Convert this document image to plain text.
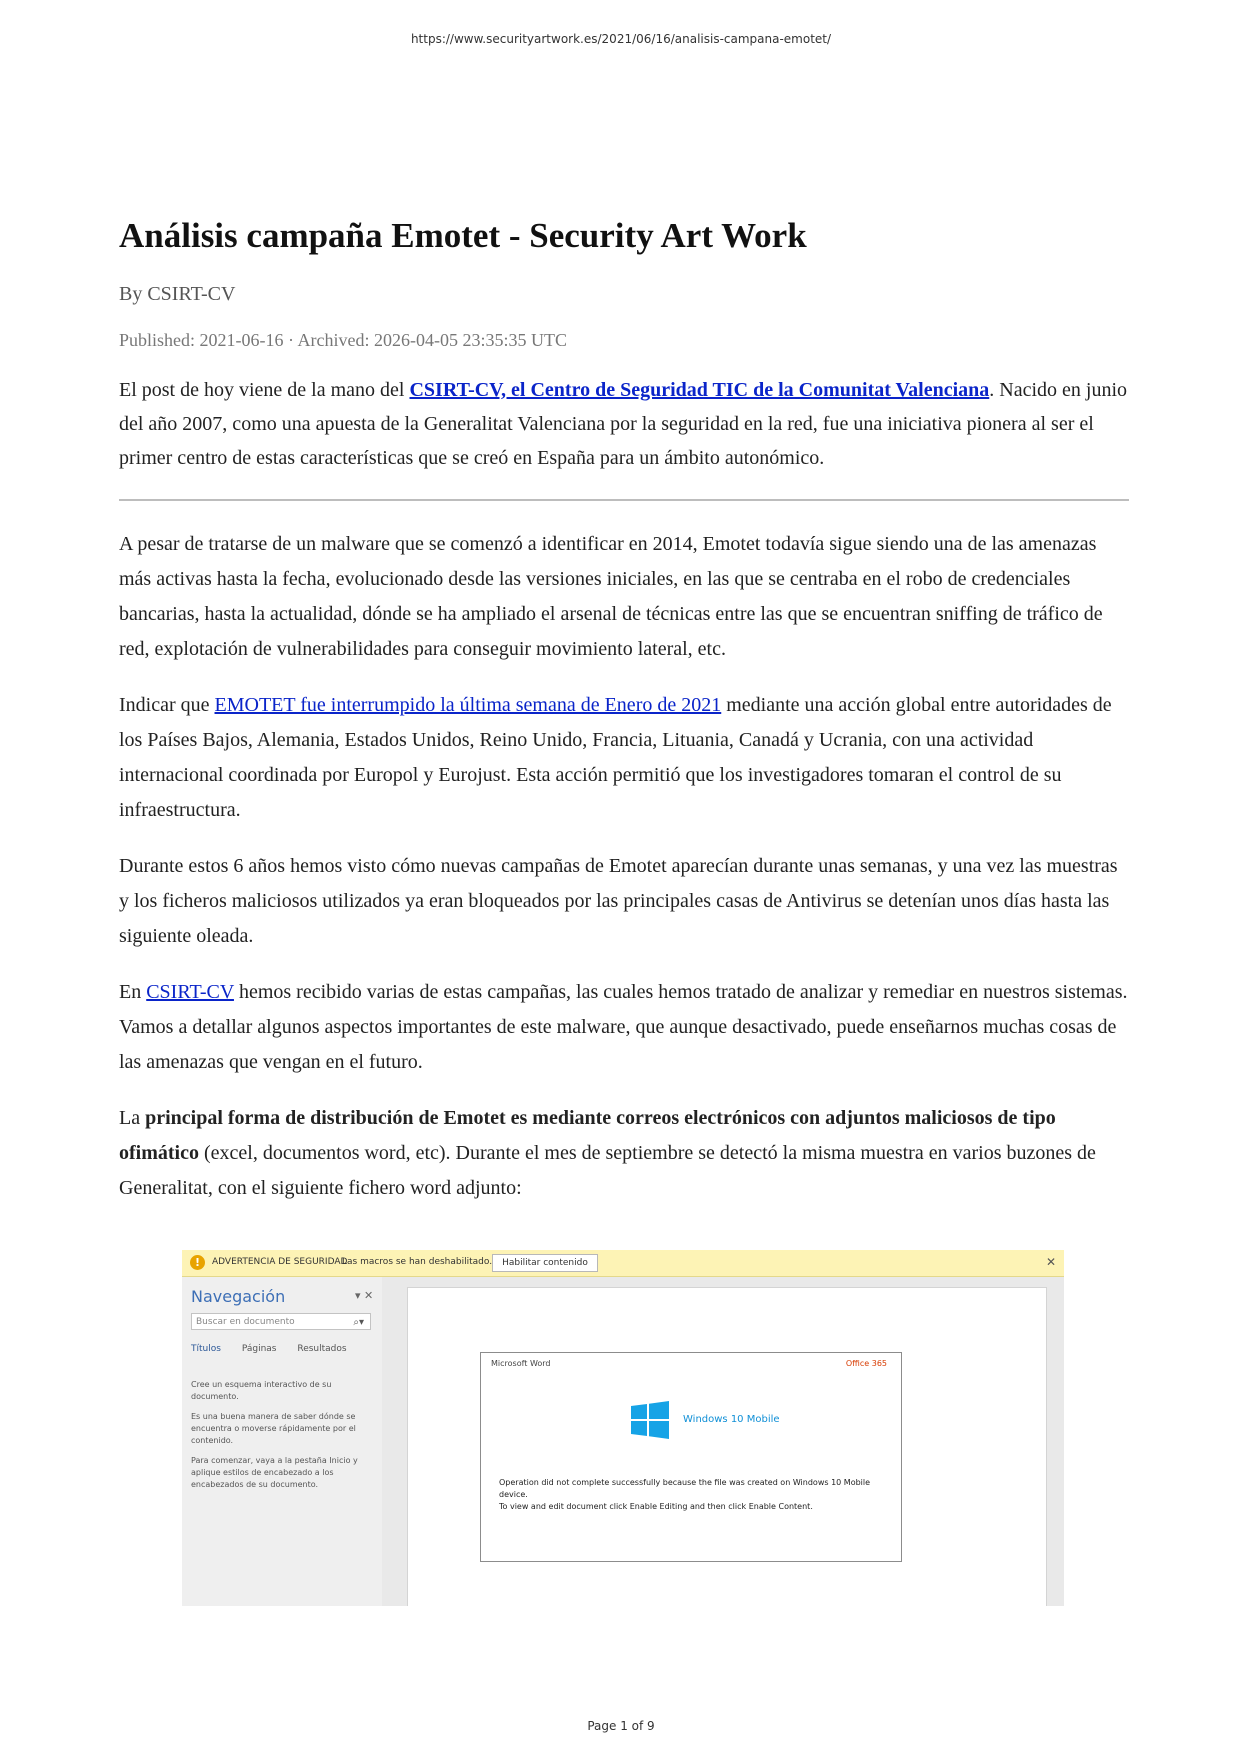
https://www.securityartwork.es/2021/06/16/analisis-campana-emotet/
Análisis campaña Emotet - Security Art Work
By CSIRT-CV
Published: 2021-06-16 · Archived: 2026-04-05 23:35:35 UTC

El post de hoy viene de la mano del CSIRT-CV, el Centro de Seguridad TIC de la Comunitat Valenciana. Nacido en junio del año 2007, como una apuesta de la Generalitat Valenciana por la seguridad en la red, fue una iniciativa pionera al ser el primer centro de estas características que se creó en España para un ámbito autonómico.

A pesar de tratarse de un malware que se comenzó a identificar en 2014, Emotet todavía sigue siendo una de las amenazas más activas hasta la fecha, evolucionado desde las versiones iniciales, en las que se centraba en el robo de credenciales bancarias, hasta la actualidad, dónde se ha ampliado el arsenal de técnicas entre las que se encuentran sniffing de tráfico de red, explotación de vulnerabilidades para conseguir movimiento lateral, etc.

Indicar que EMOTET fue interrumpido la última semana de Enero de 2021 mediante una acción global entre autoridades de los Países Bajos, Alemania, Estados Unidos, Reino Unido, Francia, Lituania, Canadá y Ucrania, con una actividad internacional coordinada por Europol y Eurojust. Esta acción permitió que los investigadores tomaran el control de su infraestructura.

Durante estos 6 años hemos visto cómo nuevas campañas de Emotet aparecían durante unas semanas, y una vez las muestras y los ficheros maliciosos utilizados ya eran bloqueados por las principales casas de Antivirus se detenían unos días hasta las siguiente oleada.

En CSIRT-CV hemos recibido varias de estas campañas, las cuales hemos tratado de analizar y remediar en nuestros sistemas. Vamos a detallar algunos aspectos importantes de este malware, que aunque desactivado, puede enseñarnos muchas cosas de las amenazas que vengan en el futuro.

La principal forma de distribución de Emotet es mediante correos electrónicos con adjuntos maliciosos de tipo ofimático (excel, documentos word, etc). Durante el mes de septiembre se detectó la misma muestra en varios buzones de Generalitat, con el siguiente fichero word adjunto:

!	ADVERTENCIA DE SEGURIDAD
Las macros se han deshabilitado.	Habilitar contenido	✕
Navegación	▾ ✕
Buscar en documento	⌕▾
Títulos Páginas Resultados
Cree un esquema interactivo de su documento.
Es una buena manera de saber dónde se encuentra o moverse rápidamente por el contenido.
Para comenzar, vaya a la pestaña Inicio y aplique estilos de encabezado a los encabezados de su documento.
Microsoft Word	Office 365
Windows 10 Mobile
Operation did not complete successfully because the file was created on Windows 10 Mobile device.
To view and edit document click Enable Editing and then click Enable Content.
Page 1 of 9
